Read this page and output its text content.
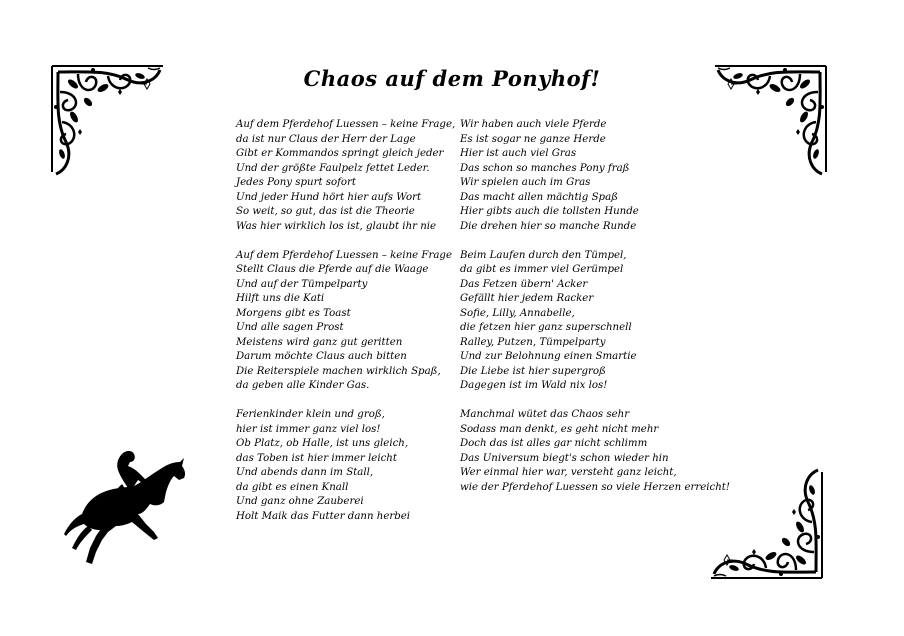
Chaos auf dem Ponyhof!
Auf dem Pferdehof Luessen – keine Frage,
da ist nur Claus der Herr der Lage
Gibt er Kommandos springt gleich jeder
Und der größte Faulpelz fettet Leder.
Jedes Pony spurt sofort
Und jeder Hund hört hier aufs Wort
So weit, so gut, das ist die Theorie
Was hier wirklich los ist, glaubt ihr nie
Auf dem Pferdehof Luessen – keine Frage
Stellt Claus die Pferde auf die Waage
Und auf der Tümpelparty
Hilft uns die Kati
Morgens gibt es Toast
Und alle sagen Prost
Meistens wird ganz gut geritten
Darum möchte Claus auch bitten
Die Reiterspiele machen wirklich Spaß,
da geben alle Kinder Gas.
Ferienkinder klein und groß,
hier ist immer ganz viel los!
Ob Platz, ob Halle, ist uns gleich,
das Toben ist hier immer leicht
Und abends dann im Stall,
da gibt es einen Knall
Und ganz ohne Zauberei
Holt Maik das Futter dann herbei
Wir haben auch viele Pferde
Es ist sogar ne ganze Herde
Hier ist auch viel Gras
Das schon so manches Pony fraß
Wir spielen auch im Gras
Das macht allen mächtig Spaß
Hier gibts auch die tollsten Hunde
Die drehen hier so manche Runde
Beim Laufen durch den Tümpel,
da gibt es immer viel Gerümpel
Das Fetzen übern' Acker
Gefällt hier jedem Racker
Sofie, Lilly, Annabelle,
die fetzen hier ganz superschnell
Ralley, Putzen, Tümpelparty
Und zur Belohnung einen Smartie
Die Liebe ist hier supergroß
Dagegen ist im Wald nix los!
Manchmal wütet das Chaos sehr
Sodass man denkt, es geht nicht mehr
Doch das ist alles gar nicht schlimm
Das Universum biegt's schon wieder hin
Wer einmal hier war, versteht ganz leicht,
wie der Pferdehof Luessen so viele Herzen erreicht!
